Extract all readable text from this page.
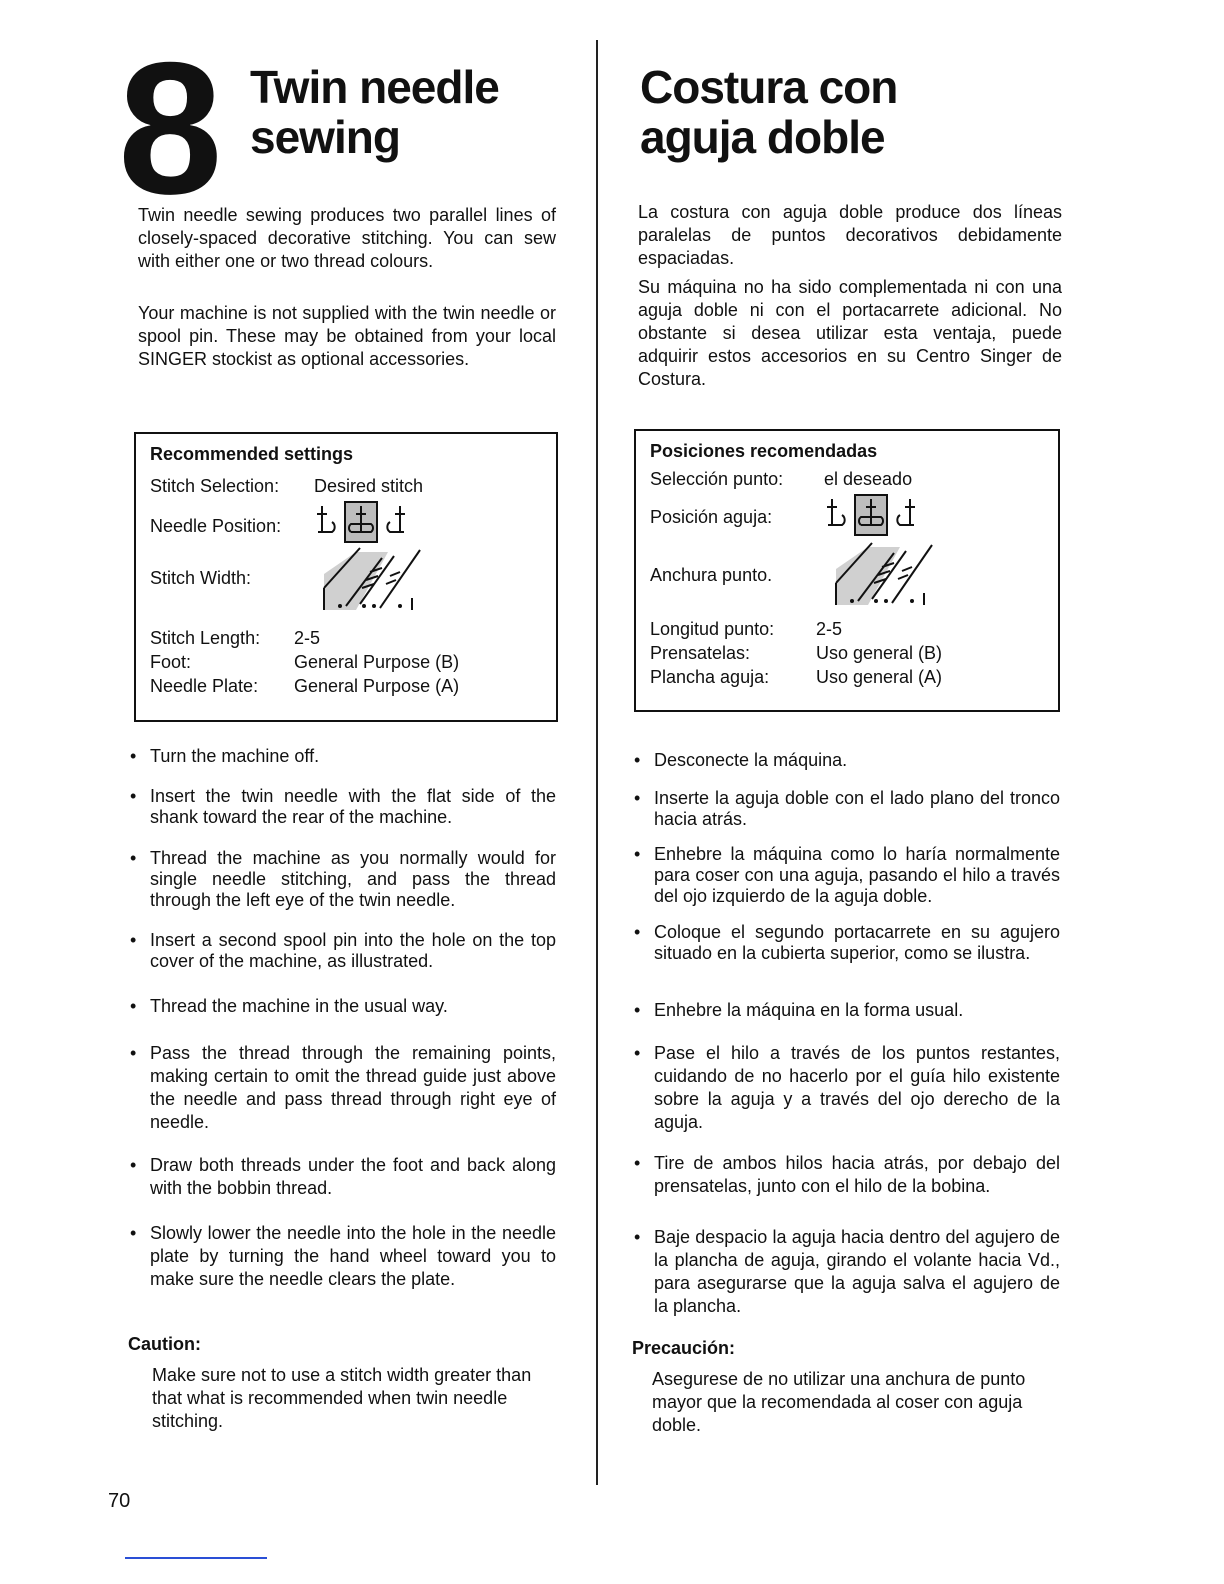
8 Twin needle
sewing

Twin needle sewing produces two parallel lines of closely-spaced decorative stitching. You can sew with either one or two thread colours.

Your machine is not supplied with the twin needle or spool pin. These may be obtained from your local SINGER stockist as optional accessories.

Recommended settings
Stitch Selection: Desired stitch
Needle Position:
Stitch Width:
Stitch Length: 2-5
Foot:	General Purpose (B)
Needle Plate: General Purpose (A)
• Turn the machine off.
• Insert the twin needle with the flat side of the shank toward the rear of the machine.
• Thread the machine as you normally would for single needle stitching, and pass the thread through the left eye of the twin needle.
• Insert a second spool pin into the hole on the top cover of the machine, as illustrated.
• Thread the machine in the usual way.
• Pass the thread through the remaining points, making certain to omit the thread guide just above the needle and pass thread through right eye of needle.
• Draw both threads under the foot and back along with the bobbin thread.
• Slowly lower the needle into the hole in the needle plate by turning the hand wheel toward you to make sure the needle clears the plate.
Caution:
Make sure not to use a stitch width greater than that what is recommended when twin needle stitching.
Costura con
aguja doble

La costura con aguja doble produce dos líneas paralelas de puntos decorativos debidamente espaciadas.

Su máquina no ha sido complementada ni con una aguja doble ni con el portacarrete adicional. No obstante si desea utilizar esta ventaja, puede adquirir estos accesorios en su Centro Singer de Costura.

Posiciones recomendadas
Selección punto: el deseado
Posición aguja:
Anchura punto.
Longitud punto: 2-5
Prensatelas:	Uso general (B)
Plancha aguja:	Uso general (A)
• Desconecte la máquina.
• Inserte la aguja doble con el lado plano del tronco hacia atrás.
• Enhebre la máquina como lo haría normalmente para coser con una aguja, pasando el hilo a través del ojo izquierdo de la aguja doble.
• Coloque el segundo portacarrete en su agujero situado en la cubierta superior, como se ilustra.
• Enhebre la máquina en la forma usual.
• Pase el hilo a través de los puntos restantes, cuidando de no hacerlo por el guía hilo existente sobre la aguja y a través del ojo derecho de la aguja.
• Tire de ambos hilos hacia atrás, por debajo del prensatelas, junto con el hilo de la bobina.
• Baje despacio la aguja hacia dentro del agujero de la plancha de aguja, girando el volante hacia Vd., para asegurarse que la aguja salva el agujero de la plancha.
Precaución:
Asegurese de no utilizar una anchura de punto mayor que la recomendada al coser con aguja doble.
70
